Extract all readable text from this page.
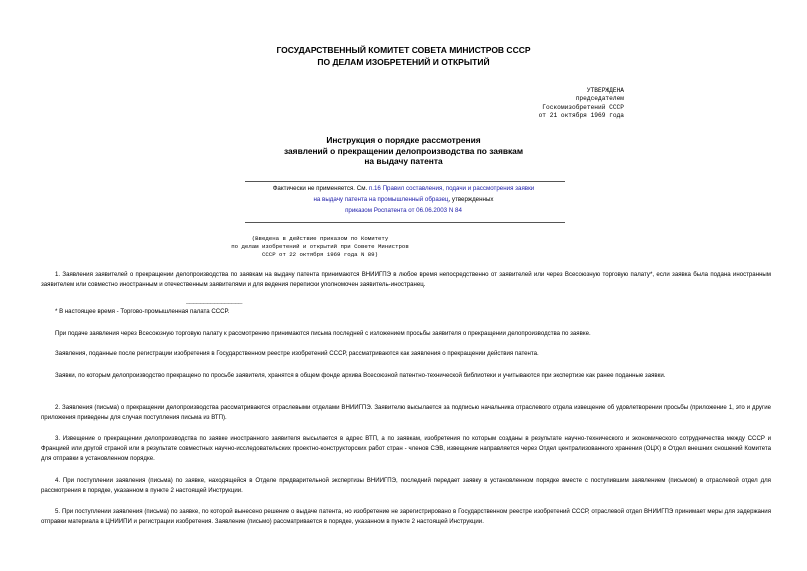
ГОСУДАРСТВЕННЫЙ КОМИТЕТ СОВЕТА МИНИСТРОВ СССР
ПО ДЕЛАМ ИЗОБРЕТЕНИЙ И ОТКРЫТИЙ
УТВЕРЖДЕНА
председателем
Госкомизобретений СССР
от 21 октября 1969 года
Инструкция о порядке рассмотрения
заявлений о прекращении делопроизводства по заявкам
на выдачу патента
Фактически не применяется. См. п.16 Правил составления, подачи и рассмотрения заявки
на выдачу патента на промышленный образец, утвержденных
приказом Роспатента от 06.06.2003 N 84
(Введена в действие приказом по Комитету
по делам изобретений и открытий при Совете Министров
СССР от 22 октября 1969 года N 89)
1. Заявления заявителей о прекращении делопроизводства по заявкам на выдачу патента принимаются ВНИИГПЭ в любое время непосредственно от заявителей или через Всесоюзную торговую палату*, если заявка была подана иностранным заявителем или совместно иностранным и отечественным заявителями и для ведения переписки уполномочен заявитель-иностранец.
________________
* В настоящее время - Торгово-промышленная палата СССР.
При подаче заявления через Всесоюзную торговую палату к рассмотрению принимаются письма последней с изложением просьбы заявителя о прекращении делопроизводства по заявке.
Заявления, поданные после регистрации изобретения в Государственном реестре изобретений СССР, рассматриваются как заявления о прекращении действия патента.
Заявки, по которым делопроизводство прекращено по просьбе заявителя, хранятся в общем фонде архива Всесоюзной патентно-технической библиотеки и учитываются при экспертизе как ранее поданные заявки.
2. Заявления (письма) о прекращении делопроизводства рассматриваются отраслевыми отделами ВНИИГПЭ. Заявителю высылается за подписью начальника отраслевого отдела извещение об удовлетворении просьбы (приложение 1, это и другие приложения приведены для случая поступления письма из ВТП).
3. Извещение о прекращении делопроизводства по заявке иностранного заявителя высылается в адрес ВТП, а по заявкам, изобретения по которым созданы в результате научно-технического и экономического сотрудничества между СССР и Францией или другой страной или в результате совместных научно-исследовательских проектно-конструкторских работ стран - членов СЭВ, извещение направляется через Отдел централизованного хранения (ОЦХ) в Отдел внешних сношений Комитета для отправки в установленном порядке.
4. При поступлении заявления (письма) по заявке, находящейся в Отделе предварительной экспертизы ВНИИГПЭ, последний передает заявку в установленном порядке вместе с поступившим заявлением (письмом) в отраслевой отдел для рассмотрения в порядке, указанном в пункте 2 настоящей Инструкции.
5. При поступлении заявления (письма) по заявке, по которой вынесено решение о выдаче патента, но изобретение не зарегистрировано в Государственном реестре изобретений СССР, отраслевой отдел ВНИИГПЭ принимает меры для задержания отправки материала в ЦНИИПИ и регистрации изобретения. Заявление (письмо) рассматривается в порядке, указанном в пункте 2 настоящей Инструкции.
